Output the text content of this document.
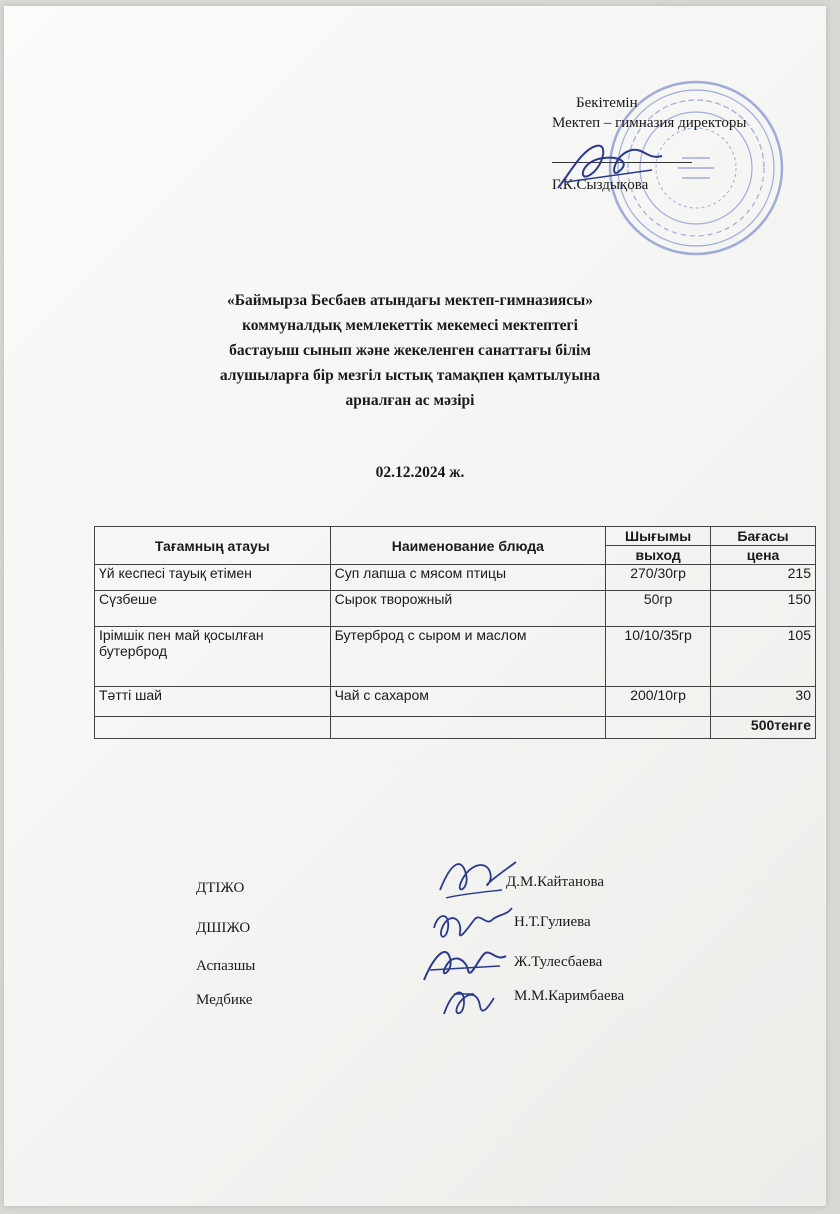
Бекітемін
Мектеп – гимназия директоры
Г.К.Сыздықова
«Баймырза Бесбаев атындағы мектеп-гимназиясы»
коммуналдық мемлекеттік мекемесі мектептегі
бастауыш сынып және жекеленген санаттағы білім
алушыларға бір мезгіл ыстық тамақпен қамтылуына
арналған ас мәзірі
02.12.2024 ж.
Тағамның атауы	Наименование блюда	Шығымы	Бағасы
		выход	цена
Үй кеспесі тауық етімен	Суп лапша с мясом птицы	270/30гр	215
Сүзбеше	Сырок творожный	50гр	150
Ірімшік пен май қосылған бутерброд	Бутерброд с сыром и маслом	10/10/35гр	105
Тәтті шай	Чай с сахаром	200/10гр	30
			500тенге
ДТІЖО	Д.М.Кайтанова
ДШІЖО	Н.Т.Гулиева
Аспазшы	Ж.Тулесбаева
Медбике	М.М.Каримбаева
